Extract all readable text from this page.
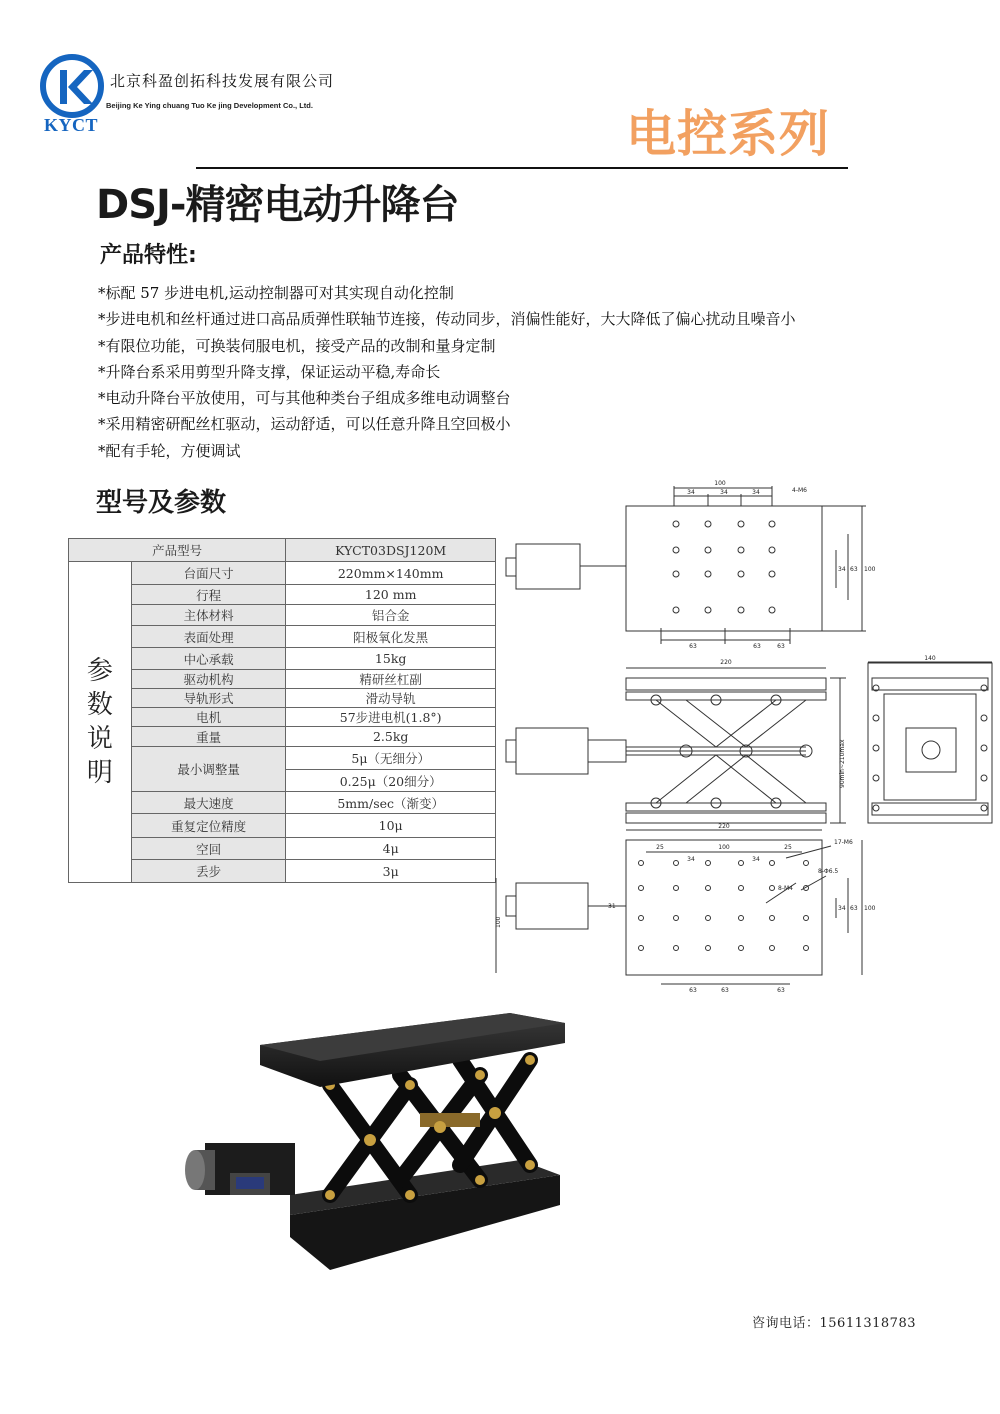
KYCT
北京科盈创拓科技发展有限公司
Beijing Ke Ying chuang Tuo Ke jing Development Co., Ltd.	电控系列
DSJ-精密电动升降台
产品特性:
*标配 57 步进电机,运动控制器可对其实现自动化控制
*步进电机和丝杆通过进口高品质弹性联轴节连接，传动同步，消偏性能好，大大降低了偏心扰动且噪音小
*有限位功能，可换装伺服电机，接受产品的改制和量身定制
*升降台系采用剪型升降支撑，保证运动平稳,寿命长
*电动升降台平放使用，可与其他种类台子组成多维电动调整台
*采用精密研配丝杠驱动，运动舒适，可以任意升降且空回极小
*配有手轮，方便调试
型号及参数
产品型号		KYCT03DSJ120M
参
数
说
明	台面尺寸	220mm×140mm
	行程	120 mm
	主体材料	铝合金
	表面处理	阳极氧化发黑
	中心承载	15kg
	驱动机构	精研丝杠副
	导轨形式	滑动导轨
	电机	57步进电机(1.8°)
	重量	2.5kg
	最小调整量	5μ（无细分）
		0.25μ（20细分）
	最大速度	5mm/sec（渐变）
	重复定位精度	10μ
	空回	4μ
	丢步	3μ
100
34	34	34	4-M6
63	63	63
34 63 100
220
90min~210max
140
220
25
34
100
34
25
17-M6
8-M4
8-Φ6.5
63	63	63
31	34 63 100
100
咨询电话：15611318783
